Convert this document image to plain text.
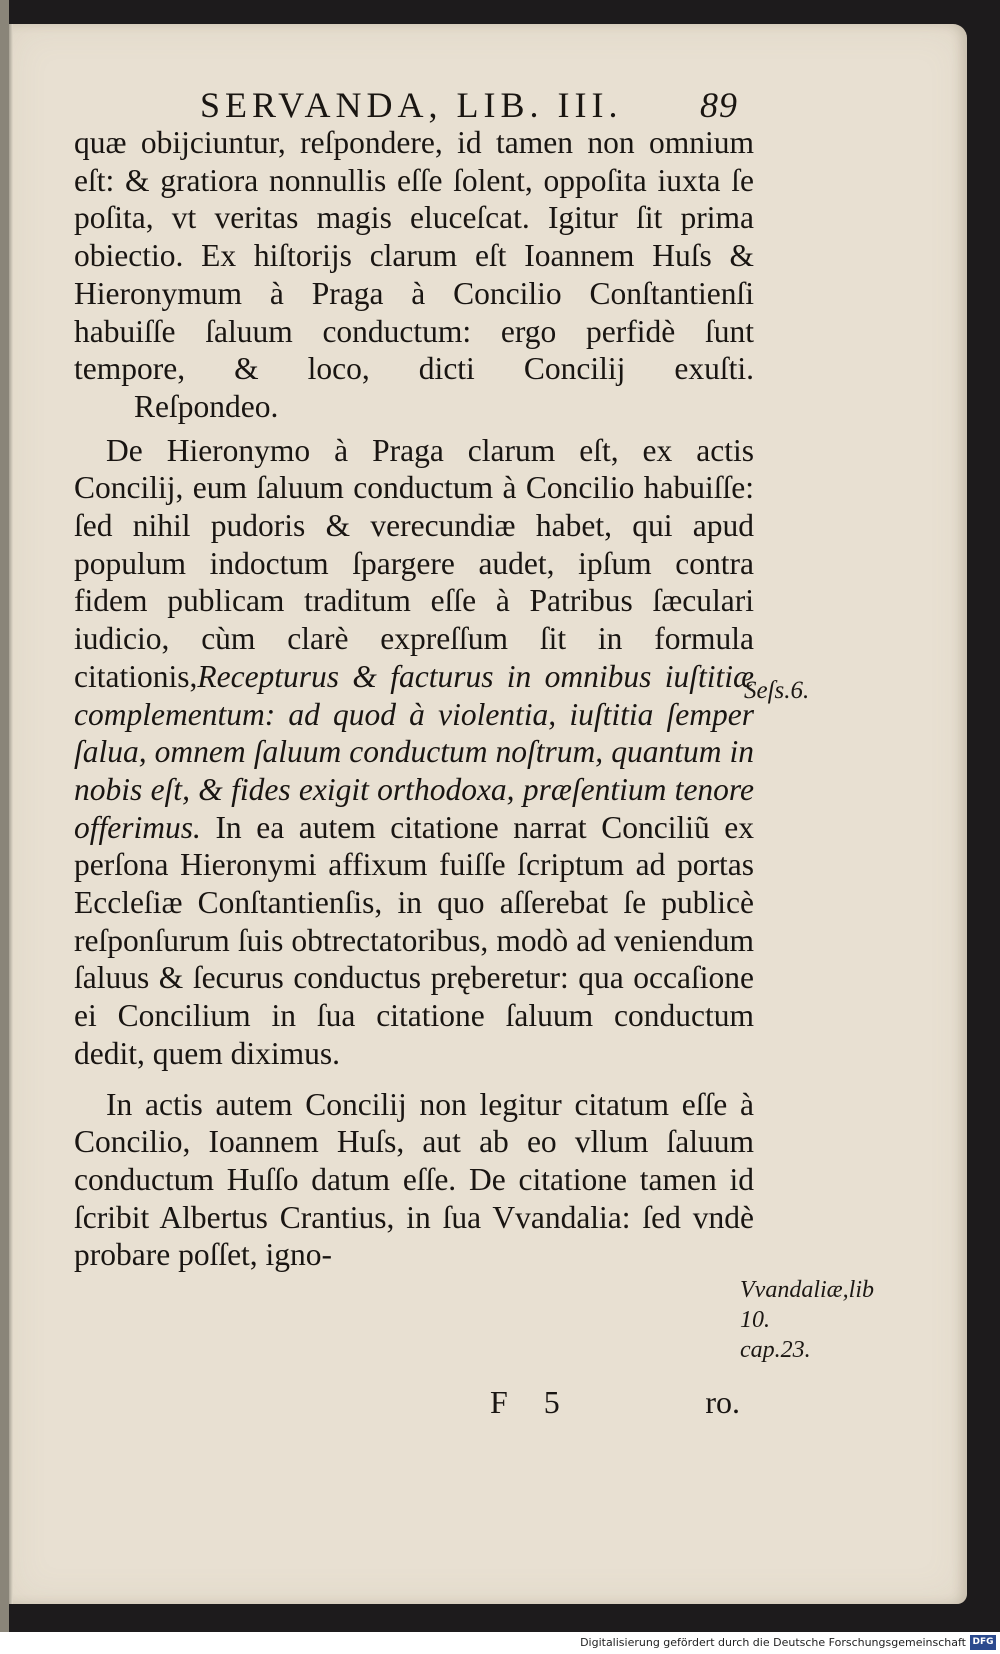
SERVANDA, LIB. III. 89

quæ obijciuntur, reſpondere, id tamen non omnium eſt: & gratiora nonnullis eſſe ſolent, oppoſita iuxta ſe poſita, vt veritas magis eluceſcat. Igitur ſit prima obiectio. Ex hiſtorijs clarum eſt Ioannem Huſs & Hieronymum à Praga à Concilio Conſtantienſi habuiſſe ſaluum conductum: ergo perfidè ſunt tempore, & loco, dicti Concilij exuſti. Reſpondeo.

De Hieronymo à Praga clarum eſt, ex actis Concilij, eum ſaluum conductum à Concilio habuiſſe: ſed nihil pudoris & verecundiæ habet, qui apud populum indoctum ſpargere audet, ipſum contra fidem publicam traditum eſſe à Patribus ſæculari iudicio, cùm clarè expreſſum ſit in formula citationis,Recepturus & facturus in omnibus iuſtitiæ complementum: ad quod à violentia, iuſtitia ſemper ſalua, omnem ſaluum conductum noſtrum, quantum in nobis eſt, & fides exigit orthodoxa, præſentium tenore offerimus. In ea autem citatione narrat Conciliũ ex perſona Hieronymi affixum fuiſſe ſcriptum ad portas Eccleſiæ Conſtantienſis, in quo aſſerebat ſe publicè reſponſurum ſuis obtrectatoribus, modò ad veniendum ſaluus & ſecurus conductus pręberetur: qua occaſione ei Concilium in ſua citatione ſaluum conductum dedit, quem diximus.

In actis autem Concilij non legitur citatum eſſe à Concilio, Ioannem Huſs, aut ab eo vllum ſaluum conductum Huſſo datum eſſe. De citatione tamen id ſcribit Albertus Crantius, in ſua Vvandalia: ſed vndè probare poſſet, igno-

Seſs.6.
Vvandaliæ,lib 10. cap.23.
F 5	ro.
Digitalisierung gefördert durch die Deutsche Forschungsgemeinschaft DFG
